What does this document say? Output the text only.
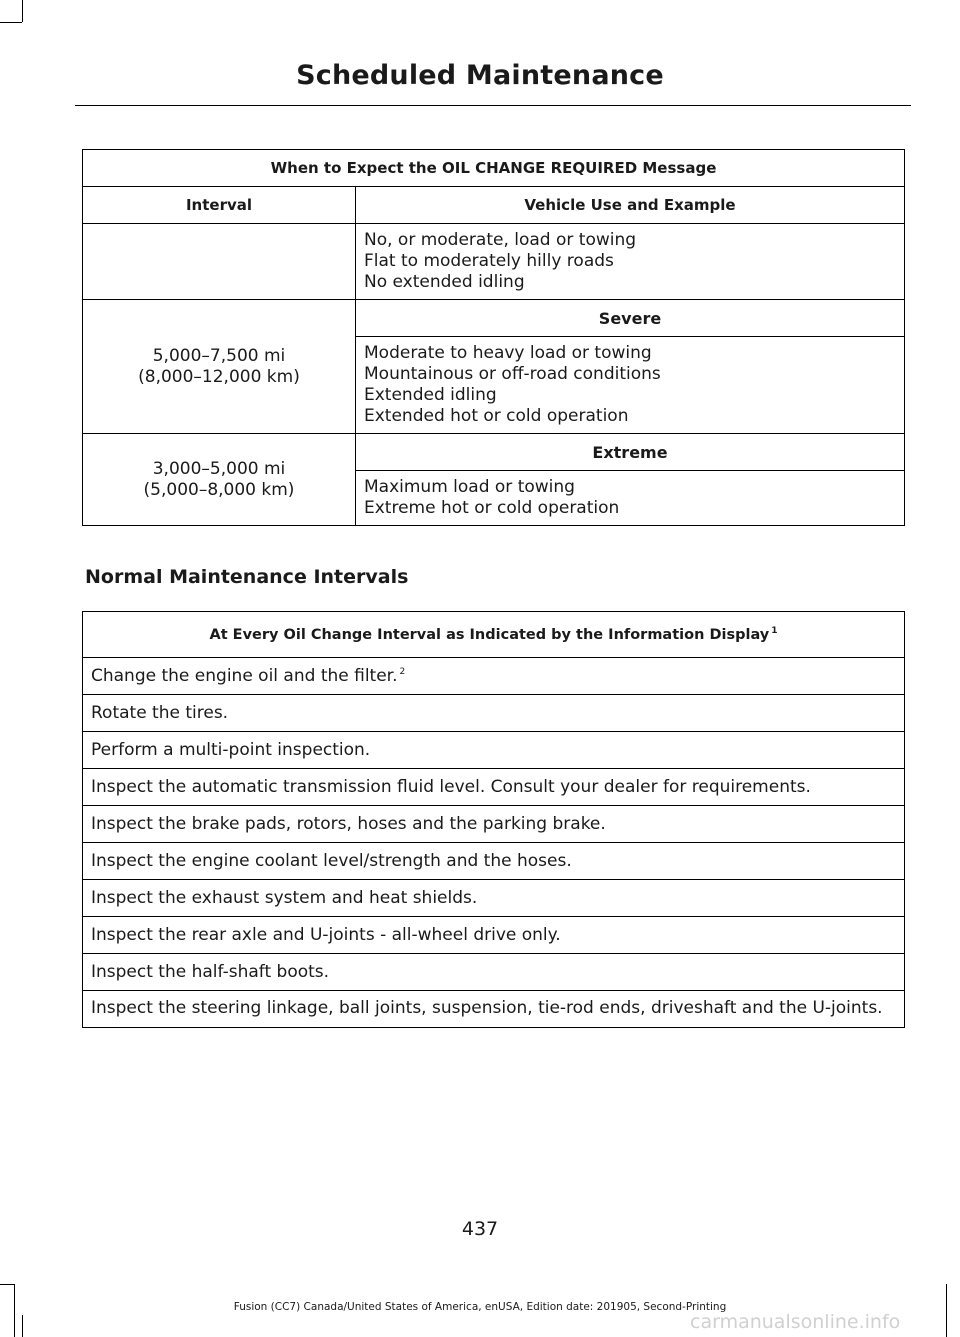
Scheduled Maintenance
When to Expect the OIL CHANGE REQUIRED Message	
Interval	Vehicle Use and Example

	No, or moderate, load or towing
Flat to moderately hilly roads
No extended idling

5,000–7,500 mi
(8,000–12,000 km)	Severe

	Moderate to heavy load or towing
Mountainous or off-road conditions
Extended idling
Extended hot or cold operation

3,000–5,000 mi
(5,000–8,000 km)	Extreme

	Maximum load or towing
Extreme hot or cold operation
Normal Maintenance Intervals
At Every Oil Change Interval as Indicated by the Information Display $^1$
Change the engine oil and the filter. $^2$
Rotate the tires.
Perform a multi-point inspection.
Inspect the automatic transmission fluid level. Consult your dealer for requirements.
Inspect the brake pads, rotors, hoses and the parking brake.
Inspect the engine coolant level/strength and the hoses.
Inspect the exhaust system and heat shields.
Inspect the rear axle and U-joints - all-wheel drive only.
Inspect the half-shaft boots.
Inspect the steering linkage, ball joints, suspension, tie-rod ends, driveshaft and the U-joints.
437
Fusion (CC7) Canada/United States of America, enUSA, Edition date: 201905, Second-Printing
carmanualsonline.info
